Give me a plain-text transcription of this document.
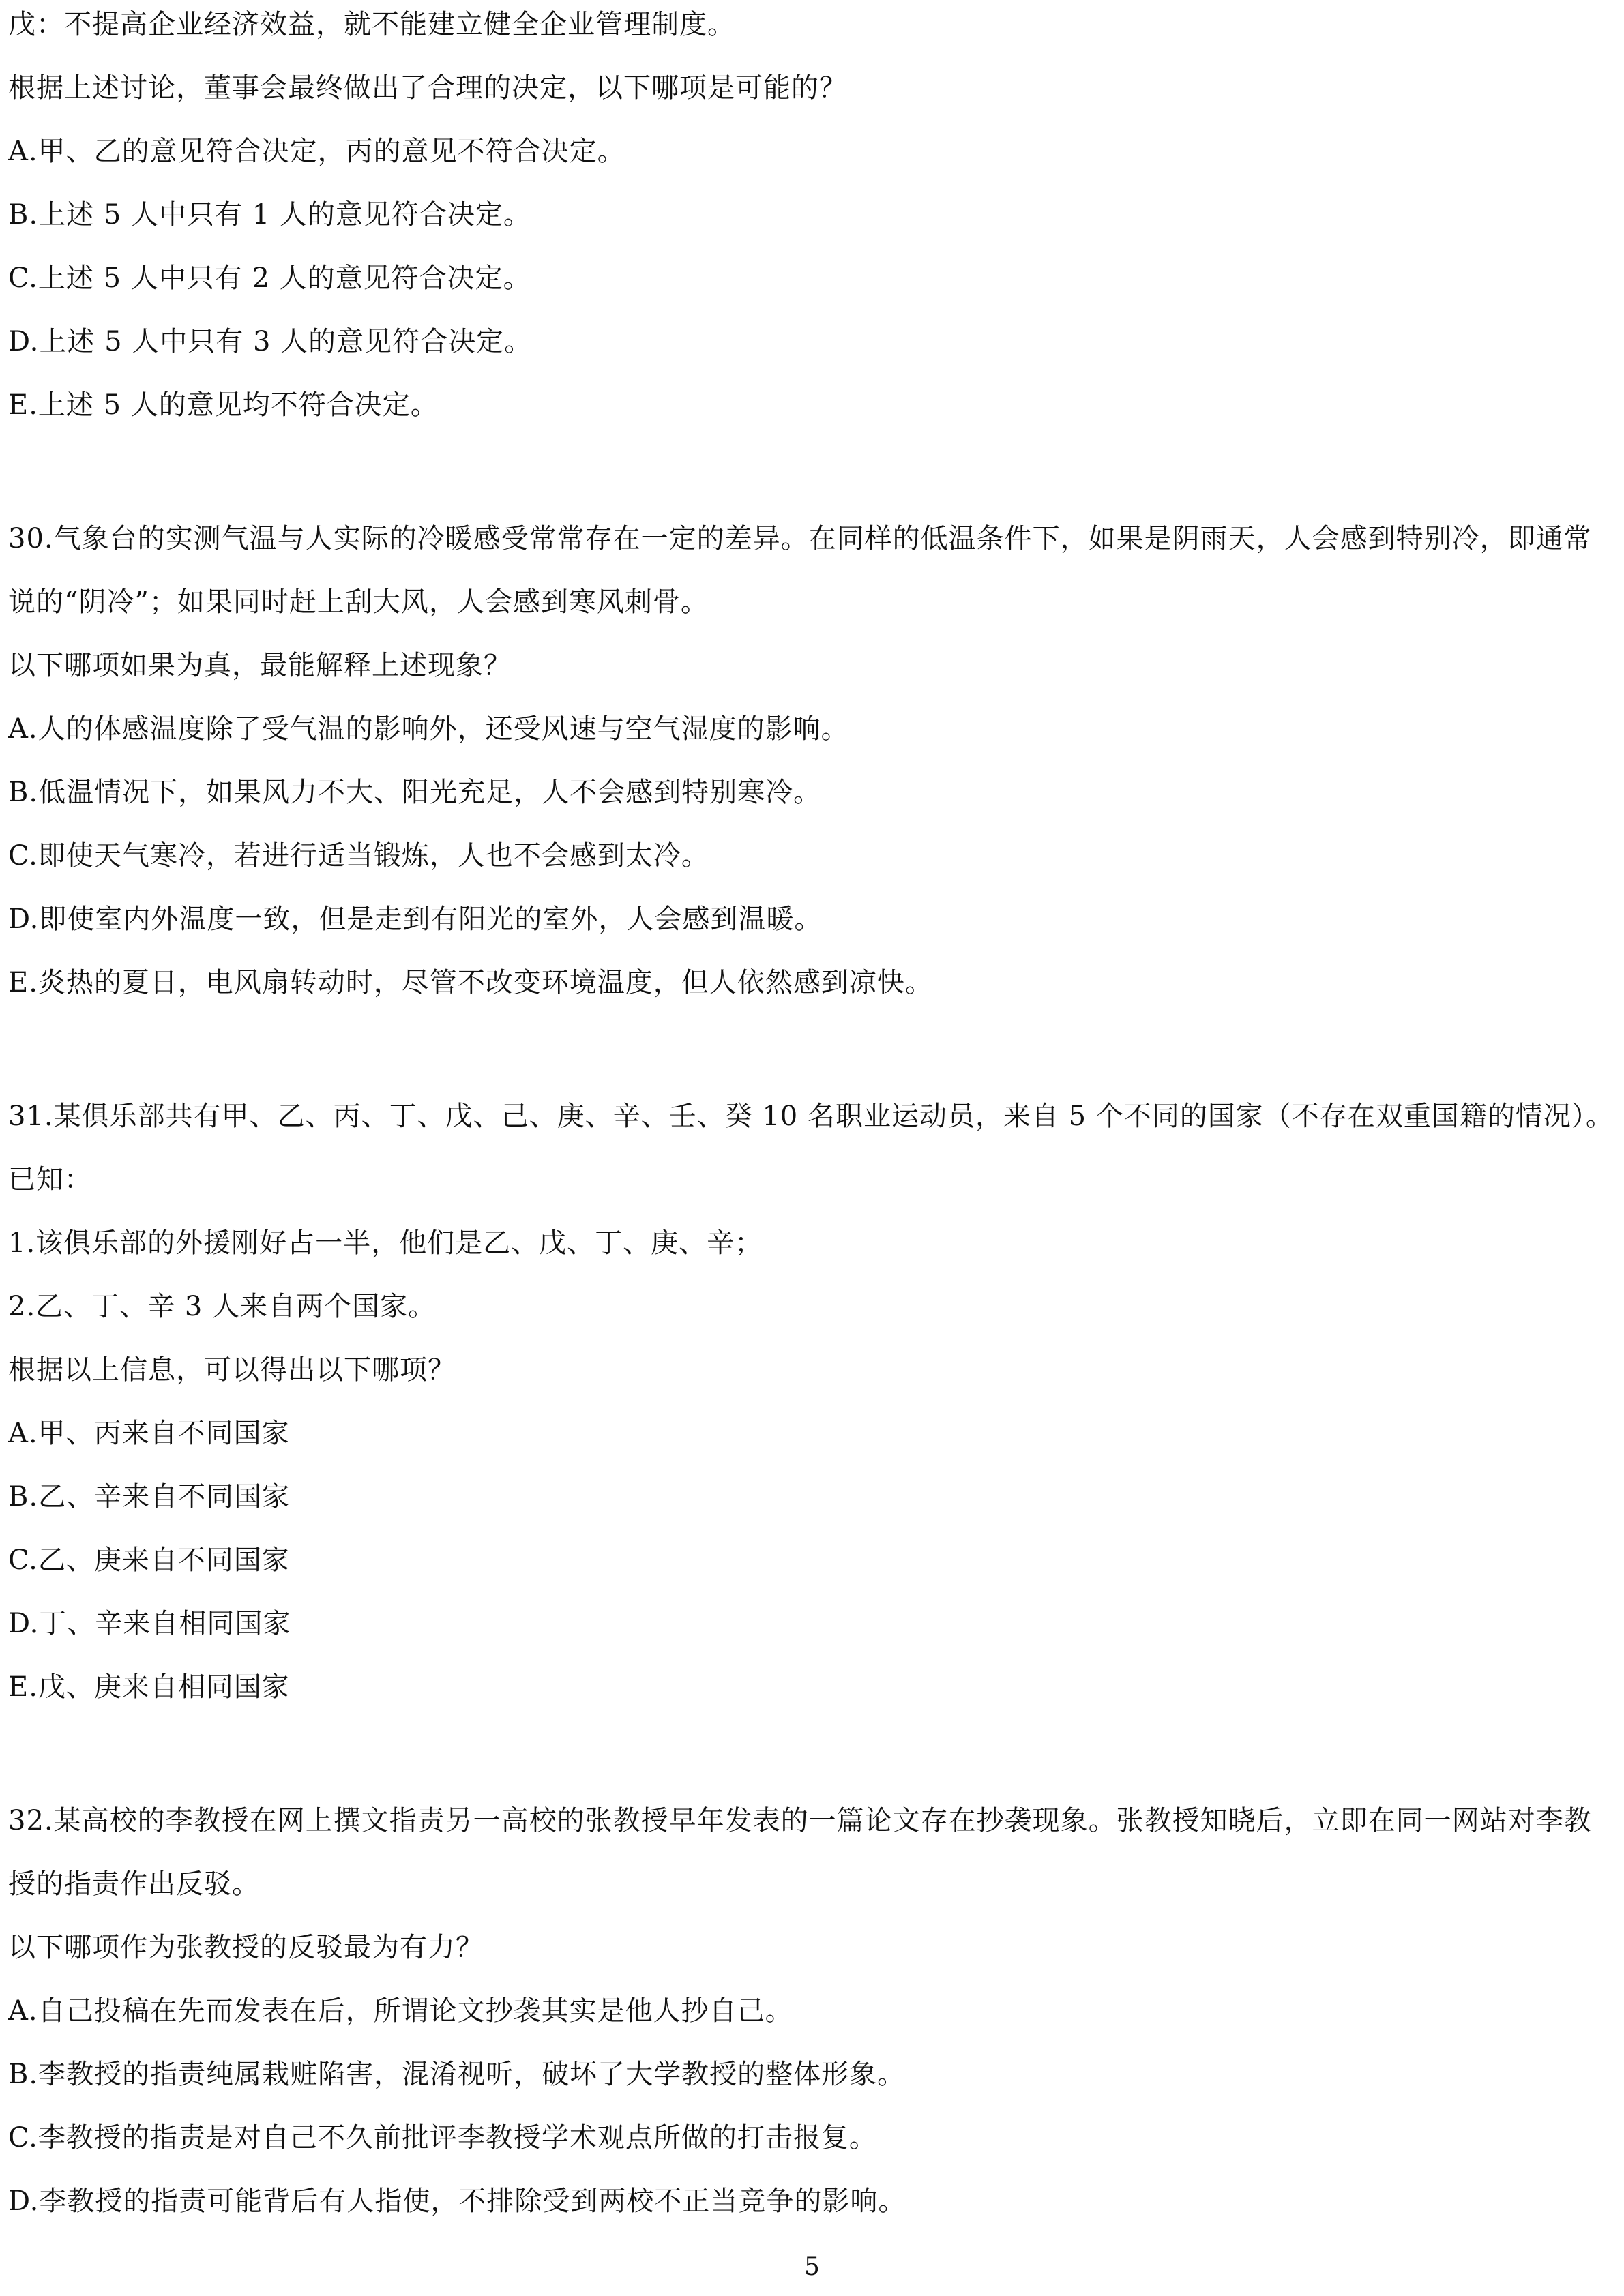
戊：不提高企业经济效益，就不能建立健全企业管理制度。
根据上述讨论，董事会最终做出了合理的决定，以下哪项是可能的？
A.甲、乙的意见符合决定，丙的意见不符合决定。
B.上述 5 人中只有 1 人的意见符合决定。
C.上述 5 人中只有 2 人的意见符合决定。
D.上述 5 人中只有 3 人的意见符合决定。
E.上述 5 人的意见均不符合决定。
30.气象台的实测气温与人实际的冷暖感受常常存在一定的差异。在同样的低温条件下，如果是阴雨天，人会感到特别冷，即通常
说的“阴冷”；如果同时赶上刮大风，人会感到寒风刺骨。
以下哪项如果为真，最能解释上述现象？
A.人的体感温度除了受气温的影响外，还受风速与空气湿度的影响。
B.低温情况下，如果风力不大、阳光充足，人不会感到特别寒冷。
C.即使天气寒冷，若进行适当锻炼，人也不会感到太冷。
D.即使室内外温度一致，但是走到有阳光的室外，人会感到温暖。
E.炎热的夏日，电风扇转动时，尽管不改变环境温度，但人依然感到凉快。
31.某俱乐部共有甲、乙、丙、丁、戊、己、庚、辛、壬、癸 10 名职业运动员，来自 5 个不同的国家（不存在双重国籍的情况）。
已知：
1.该俱乐部的外援刚好占一半，他们是乙、戊、丁、庚、辛；
2.乙、丁、辛 3 人来自两个国家。
根据以上信息，可以得出以下哪项？
A.甲、丙来自不同国家
B.乙、辛来自不同国家
C.乙、庚来自不同国家
D.丁、辛来自相同国家
E.戊、庚来自相同国家
32.某高校的李教授在网上撰文指责另一高校的张教授早年发表的一篇论文存在抄袭现象。张教授知晓后，立即在同一网站对李教
授的指责作出反驳。
以下哪项作为张教授的反驳最为有力？
A.自己投稿在先而发表在后，所谓论文抄袭其实是他人抄自己。
B.李教授的指责纯属栽赃陷害，混淆视听，破坏了大学教授的整体形象。
C.李教授的指责是对自己不久前批评李教授学术观点所做的打击报复。
D.李教授的指责可能背后有人指使，不排除受到两校不正当竞争的影响。
5
